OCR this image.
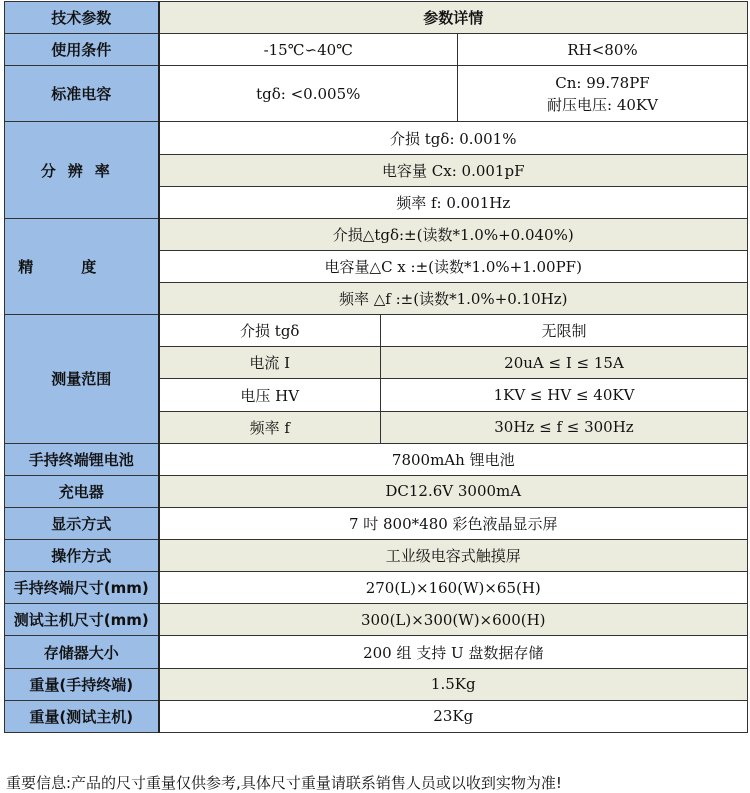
技术参数	参数详情		
使用条件	-15℃∽40℃		RH<80%
标准电容	tgδ: <0.005%		Cn: 99.78PF
耐压电压: 40KV

分辨率	介损 tgδ: 0.001%		
	电容量 Cx: 0.001pF		
	频率 f: 0.001Hz		
精度	介损△tgδ:±(读数*1.0%+0.040%)		
	电容量△C x :±(读数*1.0%+1.00PF)		
	频率 △f :±(读数*1.0%+0.10Hz)		
测量范围	介损 tgδ	无限制	
	电流 I	20uA ≤ I ≤ 15A	
	电压 HV	1KV ≤ HV ≤ 40KV	
	频率 f	30Hz ≤ f ≤ 300Hz	
手持终端锂电池	7800mAh 锂电池		
充电器	DC12.6V 3000mA		
显示方式	7 吋 800*480 彩色液晶显示屏		
操作方式	工业级电容式触摸屏		
手持终端尺寸(mm)	270(L)×160(W)×65(H)		
测试主机尺寸(mm)	300(L)×300(W)×600(H)		
存储器大小	200 组 支持 U 盘数据存储		
重量(手持终端)	1.5Kg		
重量(测试主机)	23Kg		
重要信息:产品的尺寸重量仅供参考,具体尺寸重量请联系销售人员或以收到实物为准!
